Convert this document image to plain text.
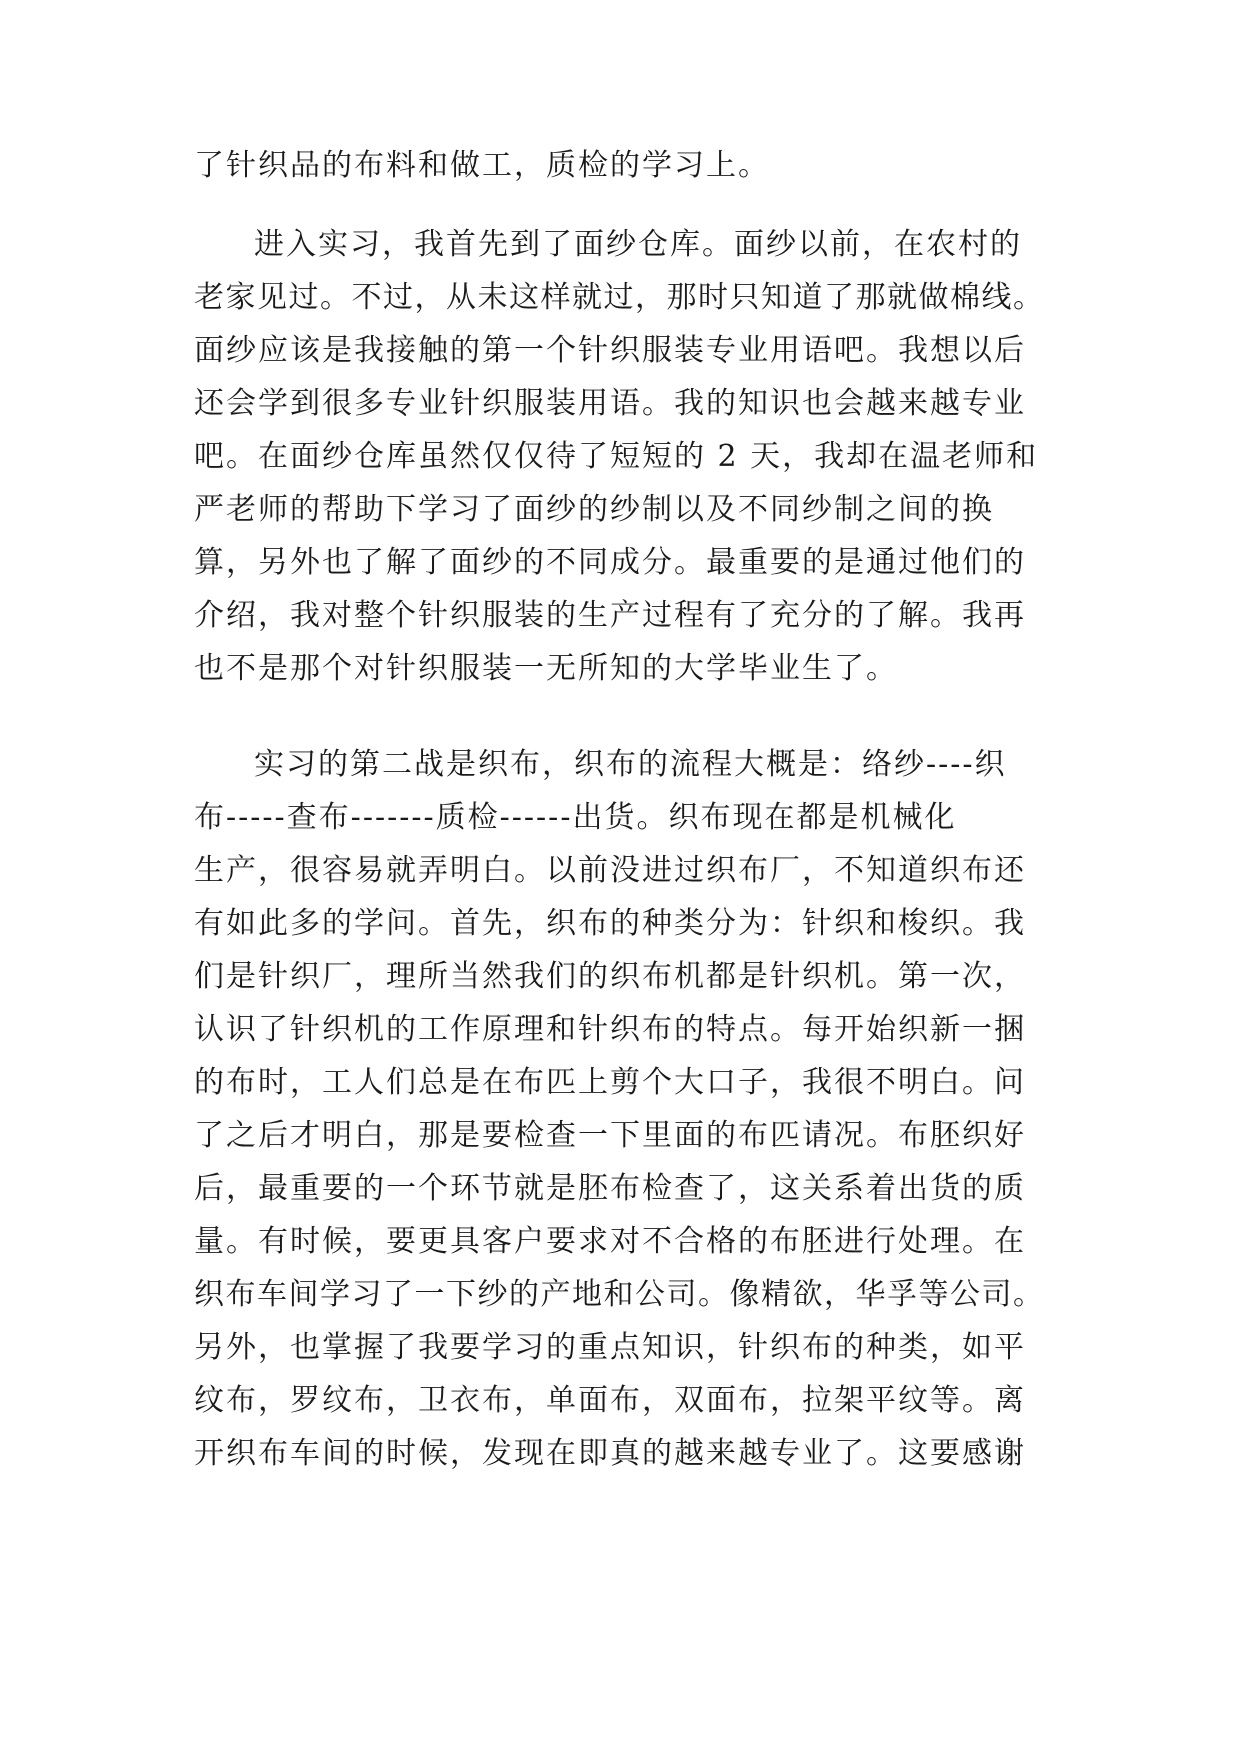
了针织品的布料和做工，质检的学习上。
进入实习，我首先到了面纱仓库。面纱以前，在农村的
老家见过。不过，从未这样就过，那时只知道了那就做棉线。
面纱应该是我接触的第一个针织服装专业用语吧。我想以后
还会学到很多专业针织服装用语。我的知识也会越来越专业
吧。在面纱仓库虽然仅仅待了短短的 2 天，我却在温老师和
严老师的帮助下学习了面纱的纱制以及不同纱制之间的换
算，另外也了解了面纱的不同成分。最重要的是通过他们的
介绍，我对整个针织服装的生产过程有了充分的了解。我再
也不是那个对针织服装一无所知的大学毕业生了。
实习的第二战是织布，织布的流程大概是：络纱----织
布-----查布-------质检------出货。织布现在都是机械化
生产，很容易就弄明白。以前没进过织布厂，不知道织布还
有如此多的学问。首先，织布的种类分为：针织和梭织。我
们是针织厂，理所当然我们的织布机都是针织机。第一次，
认识了针织机的工作原理和针织布的特点。每开始织新一捆
的布时，工人们总是在布匹上剪个大口子，我很不明白。问
了之后才明白，那是要检查一下里面的布匹请况。布胚织好
后，最重要的一个环节就是胚布检查了，这关系着出货的质
量。有时候，要更具客户要求对不合格的布胚进行处理。在
织布车间学习了一下纱的产地和公司。像精欲，华孚等公司。
另外，也掌握了我要学习的重点知识，针织布的种类，如平
纹布，罗纹布，卫衣布，单面布，双面布，拉架平纹等。离
开织布车间的时候，发现在即真的越来越专业了。这要感谢
